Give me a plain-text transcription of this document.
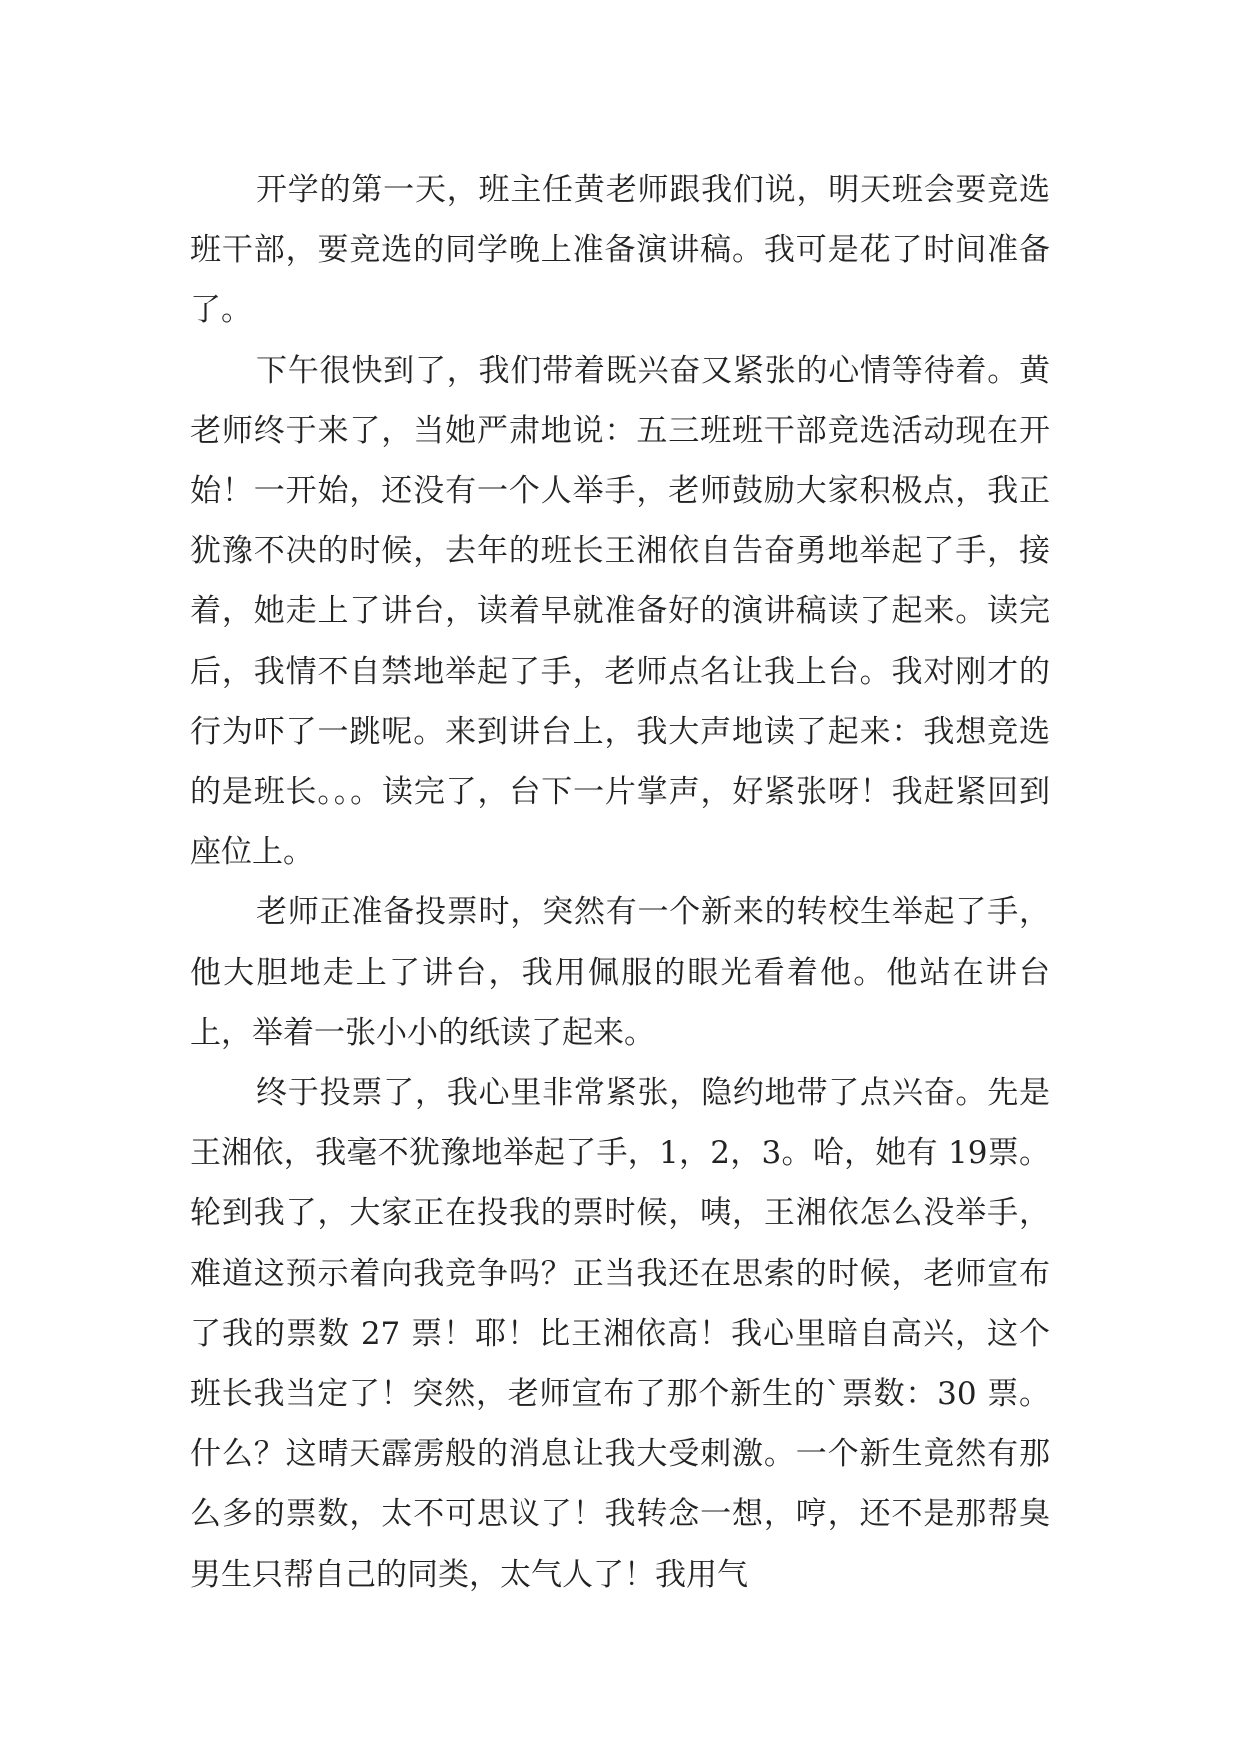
开学的第一天，班主任黄老师跟我们说，明天班会要竞选班干部，要竞选的同学晚上准备演讲稿。我可是花了时间准备了。

下午很快到了，我们带着既兴奋又紧张的心情等待着。黄老师终于来了，当她严肃地说：五三班班干部竞选活动现在开始！一开始，还没有一个人举手，老师鼓励大家积极点，我正犹豫不决的时候，去年的班长王湘依自告奋勇地举起了手，接着，她走上了讲台，读着早就准备好的演讲稿读了起来。读完后，我情不自禁地举起了手，老师点名让我上台。我对刚才的行为吓了一跳呢。来到讲台上，我大声地读了起来：我想竞选的是班长。。。读完了，台下一片掌声，好紧张呀！我赶紧回到座位上。

老师正准备投票时，突然有一个新来的转校生举起了手，他大胆地走上了讲台，我用佩服的眼光看着他。他站在讲台上，举着一张小小的纸读了起来。

终于投票了，我心里非常紧张，隐约地带了点兴奋。先是王湘依，我毫不犹豫地举起了手，1，2，3。哈，她有 19票。轮到我了，大家正在投我的票时候，咦，王湘依怎么没举手，难道这预示着向我竞争吗？正当我还在思索的时候，老师宣布了我的票数 27 票！耶！比王湘依高！我心里暗自高兴，这个班长我当定了！突然，老师宣布了那个新生的`票数：30 票。什么？这晴天霹雳般的消息让我大受刺激。一个新生竟然有那么多的票数，太不可思议了！我转念一想，哼，还不是那帮臭男生只帮自己的同类，太气人了！我用气
